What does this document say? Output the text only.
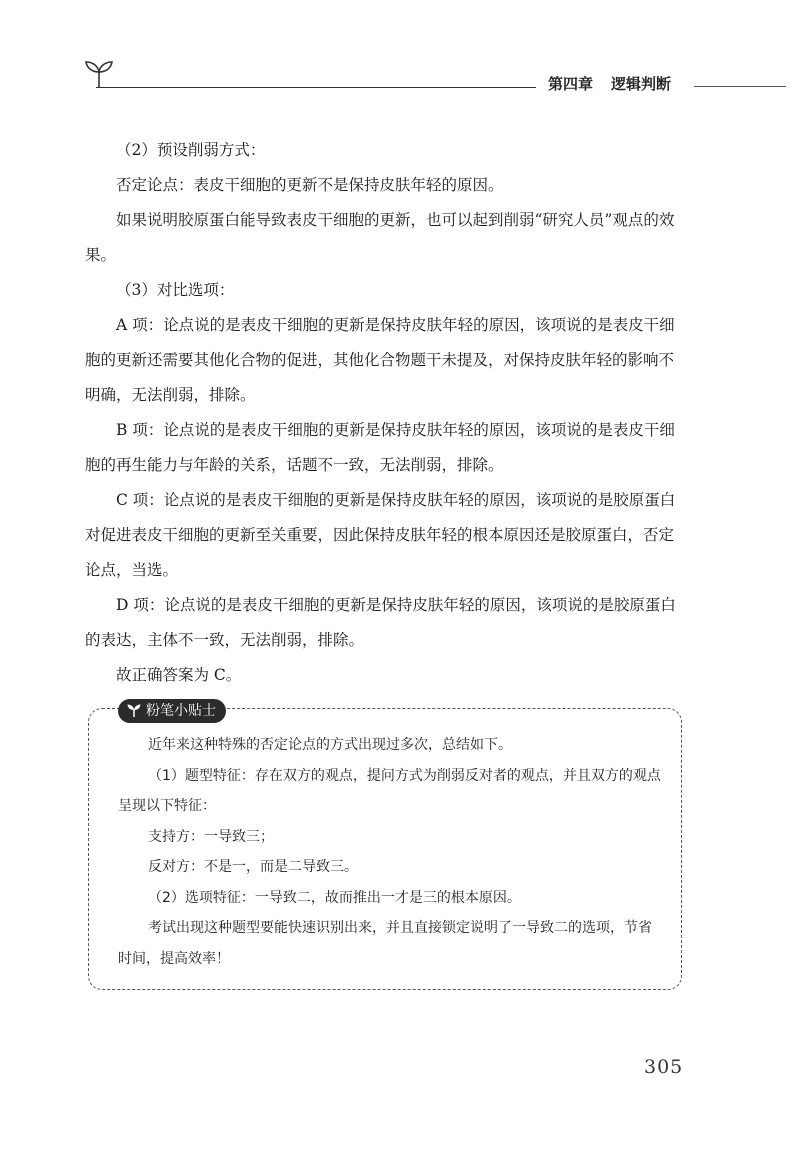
第四章 逻辑判断

（2）预设削弱方式：

否定论点：表皮干细胞的更新不是保持皮肤年轻的原因。

如果说明胶原蛋白能导致表皮干细胞的更新，也可以起到削弱“研究人员”观点的效果。

（3）对比选项：

A 项：论点说的是表皮干细胞的更新是保持皮肤年轻的原因，该项说的是表皮干细胞的更新还需要其他化合物的促进，其他化合物题干未提及，对保持皮肤年轻的影响不明确，无法削弱，排除。

B 项：论点说的是表皮干细胞的更新是保持皮肤年轻的原因，该项说的是表皮干细胞的再生能力与年龄的关系，话题不一致，无法削弱，排除。

C 项：论点说的是表皮干细胞的更新是保持皮肤年轻的原因，该项说的是胶原蛋白对促进表皮干细胞的更新至关重要，因此保持皮肤年轻的根本原因还是胶原蛋白，否定论点，当选。

D 项：论点说的是表皮干细胞的更新是保持皮肤年轻的原因，该项说的是胶原蛋白的表达，主体不一致，无法削弱，排除。

故正确答案为 C。

粉笔小贴士

近年来这种特殊的否定论点的方式出现过多次，总结如下。

（1）题型特征：存在双方的观点，提问方式为削弱反对者的观点，并且双方的观点呈现以下特征：

支持方：一导致三；

反对方：不是一，而是二导致三。

（2）选项特征：一导致二，故而推出一才是三的根本原因。

考试出现这种题型要能快速识别出来，并且直接锁定说明了一导致二的选项，节省时间，提高效率！

305
